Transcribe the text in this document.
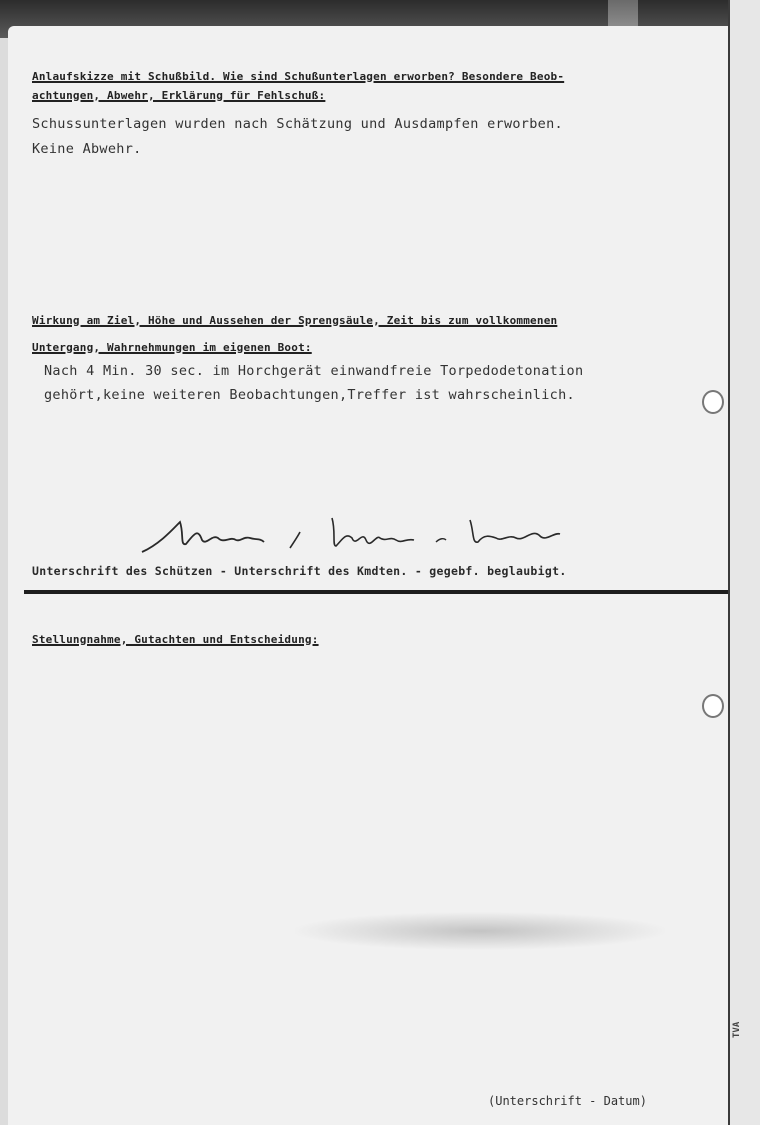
Anlaufskizze mit Schußbild. Wie sind Schußunterlagen erworben? Besondere Beob-
achtungen, Abwehr, Erklärung für Fehlschuß:
Schussunterlagen wurden nach Schätzung und Ausdampfen erworben.
Keine Abwehr.
Wirkung am Ziel, Höhe und Aussehen der Sprengsäule, Zeit bis zum vollkommenen
Untergang, Wahrnehmungen im eigenen Boot:
Nach 4 Min. 30 sec. im Horchgerät einwandfreie Torpedodetonation
gehört,keine weiteren Beobachtungen,Treffer ist wahrscheinlich.
Unterschrift des Schützen - Unterschrift des Kmdten. - gegebf. beglaubigt.
Stellungnahme, Gutachten und Entscheidung:
TVA
(Unterschrift - Datum)
